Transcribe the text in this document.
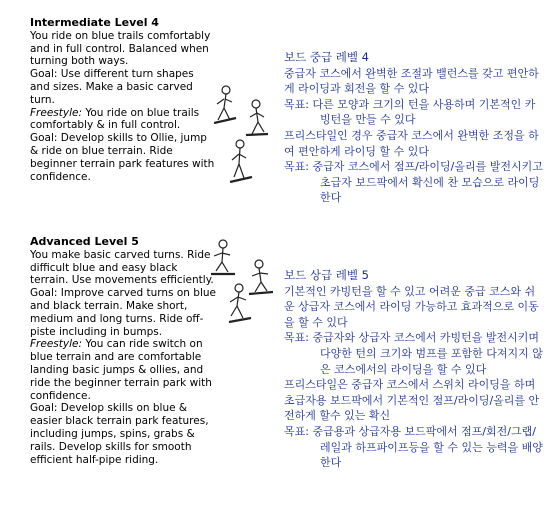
Intermediate Level 4

You ride on blue trails comfortably and in full control. Balanced when turning both ways.

Goal: Use different turn shapes and sizes. Make a basic carved turn.

Freestyle: You ride on blue trails comfortably & in full control.

Goal: Develop skills to Ollie, jump & ride on blue terrain. Ride beginner terrain park features with confidence.

보드 중급 레벨 4

중급자 코스에서 완벽한 조절과 밸런스를 갖고 편안하게 라이딩과 회전을 할 수 있다

목표: 다른 모양과 크기의 턴을 사용하며 기본적인 카빙턴을 만들 수 있다

프리스타일인 경우 중급자 코스에서 완벽한 조정을 하여 편안하게 라이딩 할 수 있다

목표: 중급자 코스에서 점프/라이딩/올리를 발전시키고 초급자 보드팍에서 확신에 찬 모습으로 라이딩 한다

Advanced Level 5

You make basic carved turns. Ride difficult blue and easy black terrain. Use movements efficiently.

Goal: Improve carved turns on blue and black terrain. Make short, medium and long turns. Ride off-piste including in bumps.

Freestyle: You can ride switch on blue terrain and are comfortable landing basic jumps & ollies, and ride the beginner terrain park with confidence.

Goal: Develop skills on blue & easier black terrain park features, including jumps, spins, grabs & rails. Develop skills for smooth efficient half-pipe riding.

보드 상급 레벨 5

기본적인 카빙턴을 할 수 있고 어려운 중급 코스와 쉬운 상급자 코스에서 라이딩 가능하고 효과적으로 이동을 할 수 있다

목표: 중급자와 상급자 코스에서 카빙턴을 발전시키며 다양한 턴의 크기와 범프를 포함한 다져지지 않은 코스에서의 라이딩을 할 수 있다

프리스타일은 중급자 코스에서 스위치 라이딩을 하며 초급자용 보드팍에서 기본적인 점프/라이딩/올리를 안전하게 할수 있는 확신

목표: 중급용과 상급자용 보드팍에서 점프/회전/그랩/레일과 하프파이프등을 할 수 있는 능력을 배양한다
